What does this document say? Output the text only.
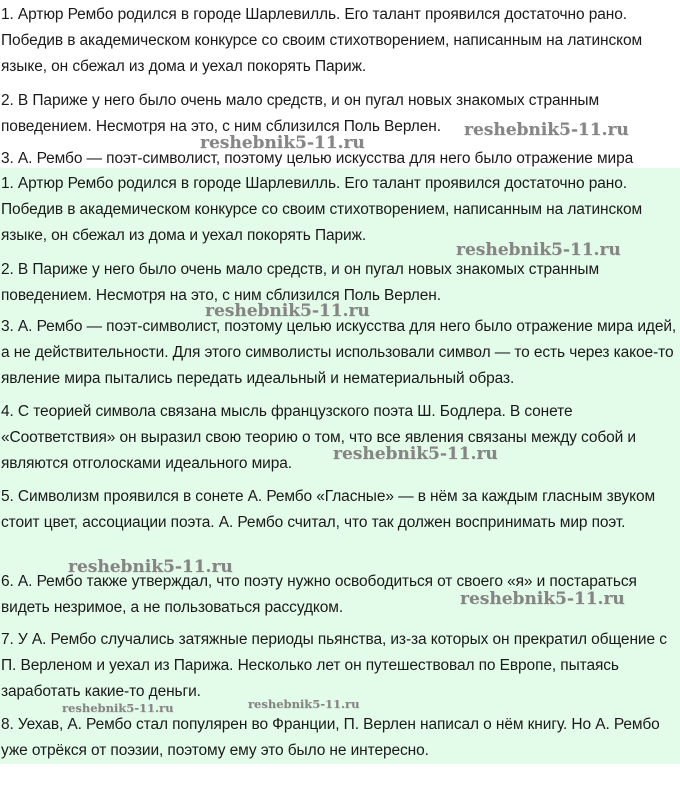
1. Артюр Рембо родился в городе Шарлевилль. Его талант проявился достаточно рано. Победив в академическом конкурсе со своим стихотворением, написанным на латинском языке, он сбежал из дома и уехал покорять Париж.

2. В Париже у него было очень мало средств, и он пугал новых знакомых странным поведением. Несмотря на это, с ним сблизился Поль Верлен.

3. А. Рембо — поэт-символист, поэтому целью искусства для него было отражение мира

1. Артюр Рембо родился в городе Шарлевилль. Его талант проявился достаточно рано. Победив в академическом конкурсе со своим стихотворением, написанным на латинском языке, он сбежал из дома и уехал покорять Париж.

2. В Париже у него было очень мало средств, и он пугал новых знакомых странным поведением. Несмотря на это, с ним сблизился Поль Верлен.

3. А. Рембо — поэт-символист, поэтому целью искусства для него было отражение мира идей, а не действительности. Для этого символисты использовали символ — то есть через какое-то явление мира пытались передать идеальный и нематериальный образ.

4. С теорией символа связана мысль французского поэта Ш. Бодлера. В сонете «Соответствия» он выразил свою теорию о том, что все явления связаны между собой и являются отголосками идеального мира.

5. Символизм проявился в сонете А. Рембо «Гласные» — в нём за каждым гласным звуком стоит цвет, ассоциации поэта. А. Рембо считал, что так должен воспринимать мир поэт.

6. А. Рембо также утверждал, что поэту нужно освободиться от своего «я» и постараться видеть незримое, а не пользоваться рассудком.

7. У А. Рембо случались затяжные периоды пьянства, из-за которых он прекратил общение с П. Верленом и уехал из Парижа. Несколько лет он путешествовал по Европе, пытаясь заработать какие-то деньги.

8. Уехав, А. Рембо стал популярен во Франции, П. Верлен написал о нём книгу. Но А. Рембо уже отрёкся от поэзии, поэтому ему это было не интересно.

reshebnik5-11.ru
reshebnik5-11.ru
reshebnik5-11.ru
reshebnik5-11.ru
reshebnik5-11.ru
reshebnik5-11.ru
reshebnik5-11.ru
reshebnik5-11.ru	reshebnik5-11.ru
